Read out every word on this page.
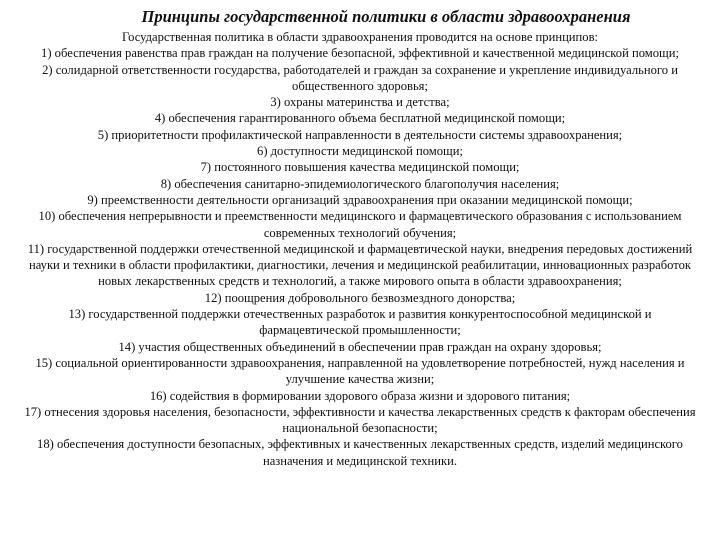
Принципы государственной политики в области здравоохранения

Государственная политика в области здравоохранения проводится на основе принципов:

1) обеспечения равенства прав граждан на получение безопасной, эффективной и качественной медицинской помощи;

2) солидарной ответственности государства, работодателей и граждан за сохранение и укрепление индивидуального и общественного здоровья;

3) охраны материнства и детства;

4) обеспечения гарантированного объема бесплатной медицинской помощи;

5) приоритетности профилактической направленности в деятельности системы здравоохранения;

6) доступности медицинской помощи;

7) постоянного повышения качества медицинской помощи;

8) обеспечения санитарно-эпидемиологического благополучия населения;

9) преемственности деятельности организаций здравоохранения при оказании медицинской помощи;

10) обеспечения непрерывности и преемственности медицинского и фармацевтического образования с использованием современных технологий обучения;

11) государственной поддержки отечественной медицинской и фармацевтической науки, внедрения передовых достижений науки и техники в области профилактики, диагностики, лечения и медицинской реабилитации, инновационных разработок новых лекарственных средств и технологий, а также мирового опыта в области здравоохранения;

12) поощрения добровольного безвозмездного донорства;

13) государственной поддержки отечественных разработок и развития конкурентоспособной медицинской и фармацевтической промышленности;

14) участия общественных объединений в обеспечении прав граждан на охрану здоровья;

15) социальной ориентированности здравоохранения, направленной на удовлетворение потребностей, нужд населения и улучшение качества жизни;

16) содействия в формировании здорового образа жизни и здорового питания;

17) отнесения здоровья населения, безопасности, эффективности и качества лекарственных средств к факторам обеспечения национальной безопасности;

18) обеспечения доступности безопасных, эффективных и качественных лекарственных средств, изделий медицинского назначения и медицинской техники.
